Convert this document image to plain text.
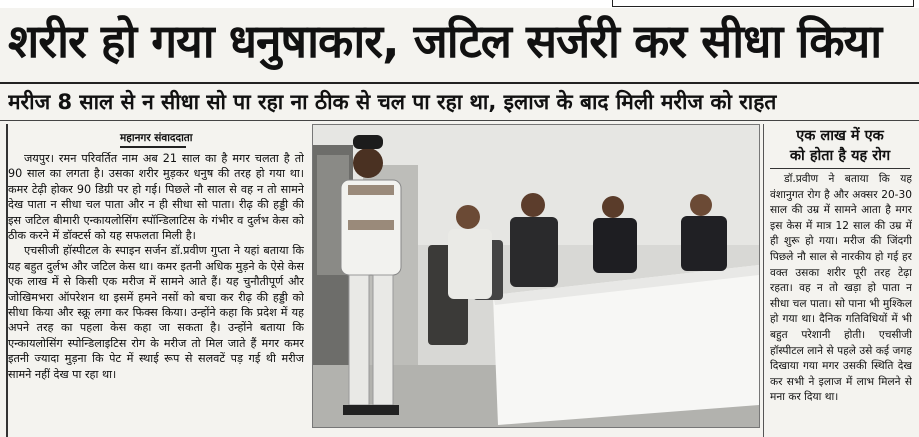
शरीर हो गया धनुषाकार, जटिल सर्जरी कर सीधा किया
मरीज 8 साल से न सीधा सो पा रहा ना ठीक से चल पा रहा था, इलाज के बाद मिली मरीज को राहत
महानगर संवाददाता

जयपुर। रमन परिवर्तित नाम अब 21 साल का है मगर चलता है तो 90 साल का लगता है। उसका शरीर मुड़कर धनुष की तरह हो गया था। कमर टेढ़ी होकर 90 डिग्री पर हो गई। पिछले नौ साल से वह न तो सामने देख पाता न सीधा चल पाता और न ही सीधा सो पाता। रीढ़ की हड्डी की इस जटिल बीमारी एन्कायलोसिंग स्पॉन्डिलाटिस के गंभीर व दुर्लभ केस को ठीक करने में डॉक्टर्स को यह सफलता मिली है।

एचसीजी हॉस्पीटल के स्पाइन सर्जन डॉ.प्रवीण गुप्ता ने यहां बताया कि यह बहुत दुर्लभ और जटिल केस था। कमर इतनी अधिक मुड़ने के ऐसे केस एक लाख में से किसी एक मरीज में सामने आते हैं। यह चुनौतीपूर्ण और जोखिमभरा ऑपरेशन था इसमें हमने नसों को बचा कर रीढ़ की हड्डी को सीधा किया और स्क्रू लगा कर फिक्स किया। उन्होंने कहा कि प्रदेश में यह अपने तरह का पहला केस कहा जा सकता है। उन्होंने बताया कि एन्कायलोसिंग स्पोन्डिलाइटिस रोग के मरीज तो मिल जाते हैं मगर कमर इतनी ज्यादा मुड़ना कि पेट में स्थाई रूप से सलवटें पड़ गई थी मरीज सामने नहीं देख पा रहा था।

एक लाख में एक
को होता है यह रोग

डॉ.प्रवीण ने बताया कि यह वंशानुगत रोग है और अक्सर 20-30 साल की उम्र में सामने आता है मगर इस केस में मात्र 12 साल की उम्र में ही शुरू हो गया। मरीज की जिंदगी पिछले नौ साल से नारकीय हो गई हर वक्त उसका शरीर पूरी तरह टेढ़ा रहता। वह न तो खड़ा हो पाता न सीधा चल पाता। सो पाना भी मुश्किल हो गया था। दैनिक गतिविधियों में भी बहुत परेशानी होती। एचसीजी हॉस्पीटल लाने से पहले उसे कई जगह दिखाया गया मगर उसकी स्थिति देख कर सभी ने इलाज में लाभ मिलने से मना कर दिया था।
